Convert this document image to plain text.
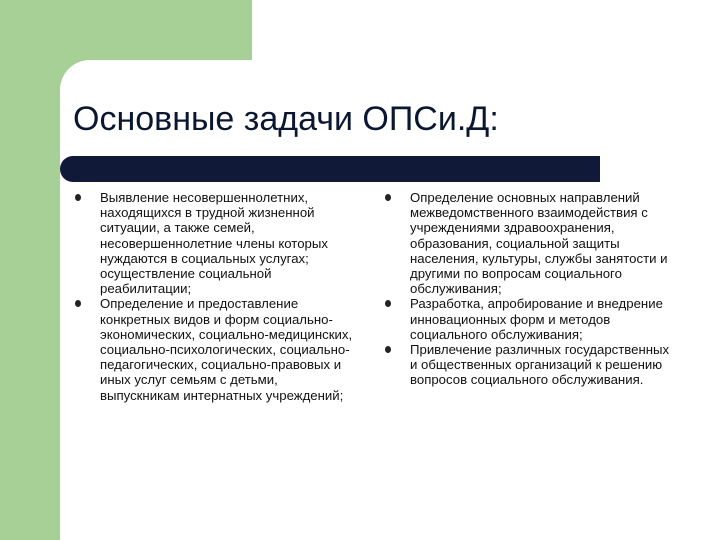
Основные задачи ОПСи.Д:
Выявление несовершеннолетних, находящихся в трудной жизненной ситуации, а также семей, несовершеннолетние члены которых нуждаются в социальных услугах; осуществление социальной реабилитации;
Определение и предоставление конкретных видов и форм социально-экономических, социально-медицинских, социально-психологических, социально-педагогических, социально-правовых и иных услуг семьям с детьми, выпускникам интернатных учреждений;
Определение основных направлений межведомственного взаимодействия с учреждениями здравоохранения, образования, социальной защиты населения, культуры, службы занятости и другими по вопросам социального обслуживания;
Разработка, апробирование и внедрение инновационных форм и методов социального обслуживания;
Привлечение различных государственных и общественных организаций к решению вопросов социального обслуживания.
